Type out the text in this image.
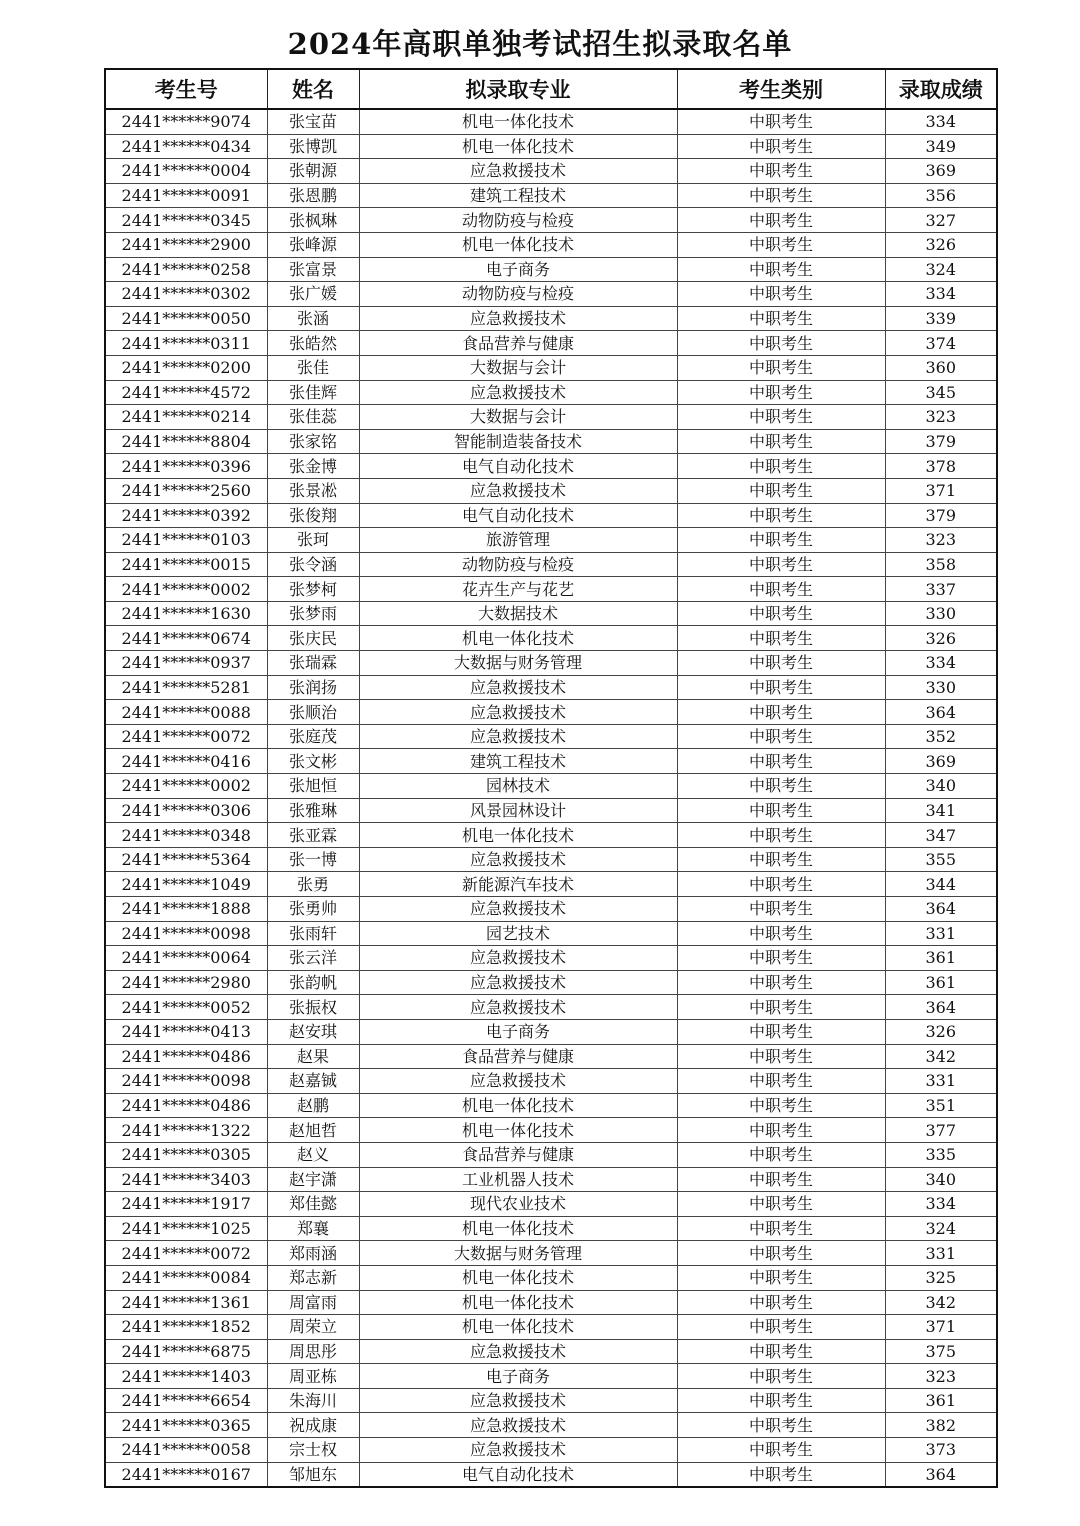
2024年高职单独考试招生拟录取名单
考生号	姓名	拟录取专业	考生类别	录取成绩
2441******9074	张宝苗	机电一体化技术	中职考生	334
2441******0434	张博凯	机电一体化技术	中职考生	349
2441******0004	张朝源	应急救援技术	中职考生	369
2441******0091	张恩鹏	建筑工程技术	中职考生	356
2441******0345	张枫琳	动物防疫与检疫	中职考生	327
2441******2900	张峰源	机电一体化技术	中职考生	326
2441******0258	张富景	电子商务	中职考生	324
2441******0302	张广媛	动物防疫与检疫	中职考生	334
2441******0050	张涵	应急救援技术	中职考生	339
2441******0311	张皓然	食品营养与健康	中职考生	374
2441******0200	张佳	大数据与会计	中职考生	360
2441******4572	张佳辉	应急救援技术	中职考生	345
2441******0214	张佳蕊	大数据与会计	中职考生	323
2441******8804	张家铭	智能制造装备技术	中职考生	379
2441******0396	张金博	电气自动化技术	中职考生	378
2441******2560	张景凇	应急救援技术	中职考生	371
2441******0392	张俊翔	电气自动化技术	中职考生	379
2441******0103	张珂	旅游管理	中职考生	323
2441******0015	张令涵	动物防疫与检疫	中职考生	358
2441******0002	张梦柯	花卉生产与花艺	中职考生	337
2441******1630	张梦雨	大数据技术	中职考生	330
2441******0674	张庆民	机电一体化技术	中职考生	326
2441******0937	张瑞霖	大数据与财务管理	中职考生	334
2441******5281	张润扬	应急救援技术	中职考生	330
2441******0088	张顺治	应急救援技术	中职考生	364
2441******0072	张庭茂	应急救援技术	中职考生	352
2441******0416	张文彬	建筑工程技术	中职考生	369
2441******0002	张旭恒	园林技术	中职考生	340
2441******0306	张雅琳	风景园林设计	中职考生	341
2441******0348	张亚霖	机电一体化技术	中职考生	347
2441******5364	张一博	应急救援技术	中职考生	355
2441******1049	张勇	新能源汽车技术	中职考生	344
2441******1888	张勇帅	应急救援技术	中职考生	364
2441******0098	张雨轩	园艺技术	中职考生	331
2441******0064	张云洋	应急救援技术	中职考生	361
2441******2980	张韵帆	应急救援技术	中职考生	361
2441******0052	张振权	应急救援技术	中职考生	364
2441******0413	赵安琪	电子商务	中职考生	326
2441******0486	赵果	食品营养与健康	中职考生	342
2441******0098	赵嘉铖	应急救援技术	中职考生	331
2441******0486	赵鹏	机电一体化技术	中职考生	351
2441******1322	赵旭哲	机电一体化技术	中职考生	377
2441******0305	赵义	食品营养与健康	中职考生	335
2441******3403	赵宇潇	工业机器人技术	中职考生	340
2441******1917	郑佳懿	现代农业技术	中职考生	334
2441******1025	郑襄	机电一体化技术	中职考生	324
2441******0072	郑雨涵	大数据与财务管理	中职考生	331
2441******0084	郑志新	机电一体化技术	中职考生	325
2441******1361	周富雨	机电一体化技术	中职考生	342
2441******1852	周荣立	机电一体化技术	中职考生	371
2441******6875	周思彤	应急救援技术	中职考生	375
2441******1403	周亚栋	电子商务	中职考生	323
2441******6654	朱海川	应急救援技术	中职考生	361
2441******0365	祝成康	应急救援技术	中职考生	382
2441******0058	宗士权	应急救援技术	中职考生	373
2441******0167	邹旭东	电气自动化技术	中职考生	364
